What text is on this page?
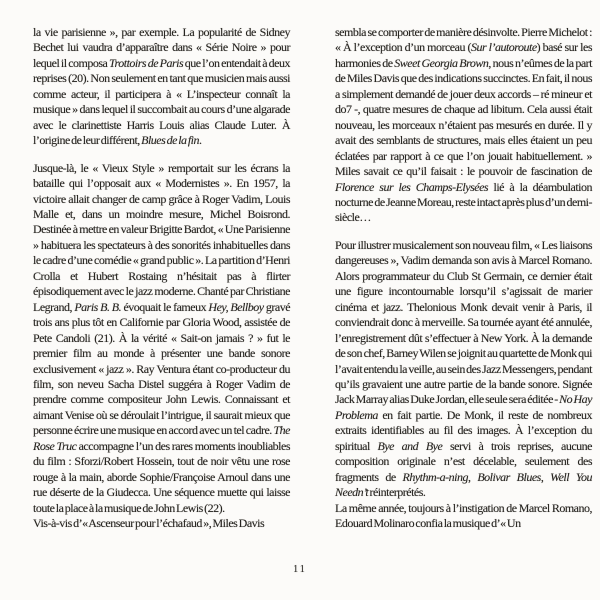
la vie parisienne », par exemple. La popularité de Sidney Bechet lui vaudra d’apparaître dans « Série Noire » pour lequel il composa Trottoirs de Paris que l’on entendait à deux reprises (20). Non seulement en tant que musicien mais aussi comme acteur, il participera à « L’inspecteur connaît la musique » dans lequel il succombait au cours d’une algarade avec le clarinettiste Harris Louis alias Claude Luter. À l’origine de leur différent, Blues de la fin.

Jusque-là, le « Vieux Style » remportait sur les écrans la bataille qui l’opposait aux « Modernistes ». En 1957, la victoire allait changer de camp grâce à Roger Vadim, Louis Malle et, dans un moindre mesure, Michel Boisrond. Destinée à mettre en valeur Brigitte Bardot, « Une Parisienne » habituera les spectateurs à des sonorités inhabituelles dans le cadre d’une comédie « grand public ». La partition d’Henri Crolla et Hubert Rostaing n’hésitait pas à flirter épisodiquement avec le jazz moderne. Chanté par Christiane Legrand, Paris B. B. évoquait le fameux Hey, Bellboy gravé trois ans plus tôt en Californie par Gloria Wood, assistée de Pete Candoli (21). À la vérité « Sait-on jamais ? » fut le premier film au monde à présenter une bande sonore exclusivement « jazz ». Ray Ventura étant co-producteur du film, son neveu Sacha Distel suggéra à Roger Vadim de prendre comme compositeur John Lewis. Connaissant et aimant Venise où se déroulait l’intrigue, il saurait mieux que personne écrire une musique en accord avec un tel cadre. The Rose Truc accompagne l’un des rares moments inoubliables du film : Sforzi/Robert Hossein, tout de noir vêtu une rose rouge à la main, aborde Sophie/Françoise Arnoul dans une rue déserte de la Giudecca. Une séquence muette qui laisse toute la place à la musique de John Lewis (22).

Vis-à-vis d’« Ascenseur pour l’échafaud », Miles Davis

sembla se comporter de manière désinvolte. Pierre Michelot : « À l’exception d’un morceau (Sur l’autoroute) basé sur les harmonies de Sweet Georgia Brown, nous n’eûmes de la part de Miles Davis que des indications succinctes. En fait, il nous a simplement demandé de jouer deux accords – ré mineur et do7 -, quatre mesures de chaque ad libitum. Cela aussi était nouveau, les morceaux n’étaient pas mesurés en durée. Il y avait des semblants de structures, mais elles étaient un peu éclatées par rapport à ce que l’on jouait habituellement. » Miles savait ce qu’il faisait : le pouvoir de fascination de Florence sur les Champs-Elysées lié à la déambulation nocturne de Jeanne Moreau, reste intact après plus d’un demi-siècle…

Pour illustrer musicalement son nouveau film, « Les liaisons dangereuses », Vadim demanda son avis à Marcel Romano. Alors programmateur du Club St Germain, ce dernier était une figure incontournable lorsqu’il s’agissait de marier cinéma et jazz. Thelonious Monk devait venir à Paris, il conviendrait donc à merveille. Sa tournée ayant été annulée, l’enregistrement dût s’effectuer à New York. À la demande de son chef, Barney Wilen se joignit au quartette de Monk qui l’avait entendu la veille, au sein des Jazz Messengers, pendant qu’ils gravaient une autre partie de la bande sonore. Signée Jack Marray alias Duke Jordan, elle seule sera éditée - No Hay Problema en fait partie. De Monk, il reste de nombreux extraits identifiables au fil des images. À l’exception du spiritual Bye and Bye servi à trois reprises, aucune composition originale n’est décelable, seulement des fragments de Rhythm-a-ning, Bolivar Blues, Well You Needn’t réinterprétés.

La même année, toujours à l’instigation de Marcel Romano, Edouard Molinaro confia la musique d’« Un

11
